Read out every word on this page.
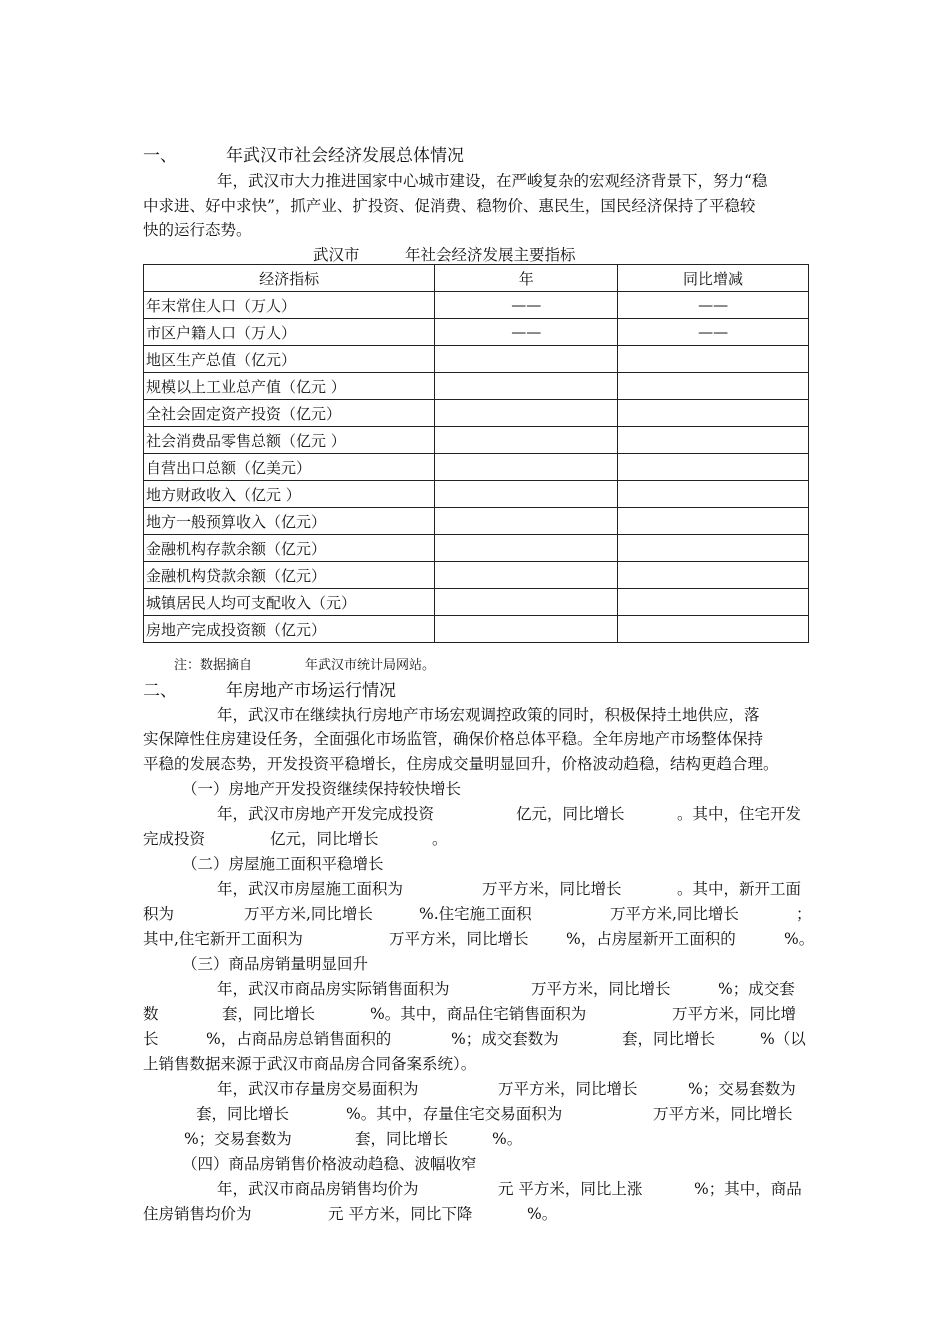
一、	年武汉市社会经济发展总体情况
年，武汉市大力推进国家中心城市建设，在严峻复杂的宏观经济背景下，努力“稳
中求进、好中求快”，抓产业、扩投资、促消费、稳物价、惠民生，国民经济保持了平稳较
快的运行态势。
武汉市	年社会经济发展主要指标
经济指标	年	同比增减
年末常住人口（万人）	——	——
市区户籍人口（万人）	——	——
地区生产总值（亿元）		
规模以上工业总产值（亿元 ）		
全社会固定资产投资（亿元）		
社会消费品零售总额（亿元 ）		
自营出口总额（亿美元）		
地方财政收入（亿元 ）		
地方一般预算收入（亿元）		
金融机构存款余额（亿元）		
金融机构贷款余额（亿元）		
城镇居民人均可支配收入（元）		
房地产完成投资额（亿元）		
注：数据摘自	年武汉市统计局网站。
二、	年房地产市场运行情况
年，武汉市在继续执行房地产市场宏观调控政策的同时，积极保持土地供应，落
实保障性住房建设任务，全面强化市场监管，确保价格总体平稳。全年房地产市场整体保持
平稳的发展态势，开发投资平稳增长，住房成交量明显回升，价格波动趋稳，结构更趋合理。
（一）房地产开发投资继续保持较快增长
年，武汉市房地产开发完成投资	亿元，同比增长	。其中，住宅开发
完成投资	亿元，同比增长	。
（二）房屋施工面积平稳增长
年，武汉市房屋施工面积为	万平方米，同比增长	。其中，新开工面
积为	万平方米,同比增长	%.住宅施工面积	万平方米,同比增长	；
其中,住宅新开工面积为	万平方米，同比增长 %，占房屋新开工面积的	%。
（三）商品房销量明显回升
年，武汉市商品房实际销售面积为	万平方米，同比增长	%；成交套
数	套，同比增长	%。其中，商品住宅销售面积为	万平方米，同比增
长	%，占商品房总销售面积的	%；成交套数为	套，同比增长	%（以
上销售数据来源于武汉市商品房合同备案系统）。
年，武汉市存量房交易面积为	万平方米，同比增长	%；交易套数为
套，同比增长	%。其中，存量住宅交易面积为	万平方米，同比增长
%；交易套数为	套，同比增长	%。
（四）商品房销售价格波动趋稳、波幅收窄
年，武汉市商品房销售均价为	元 平方米，同比上涨	%；其中，商品
住房销售均价为	元 平方米，同比下降	%。
